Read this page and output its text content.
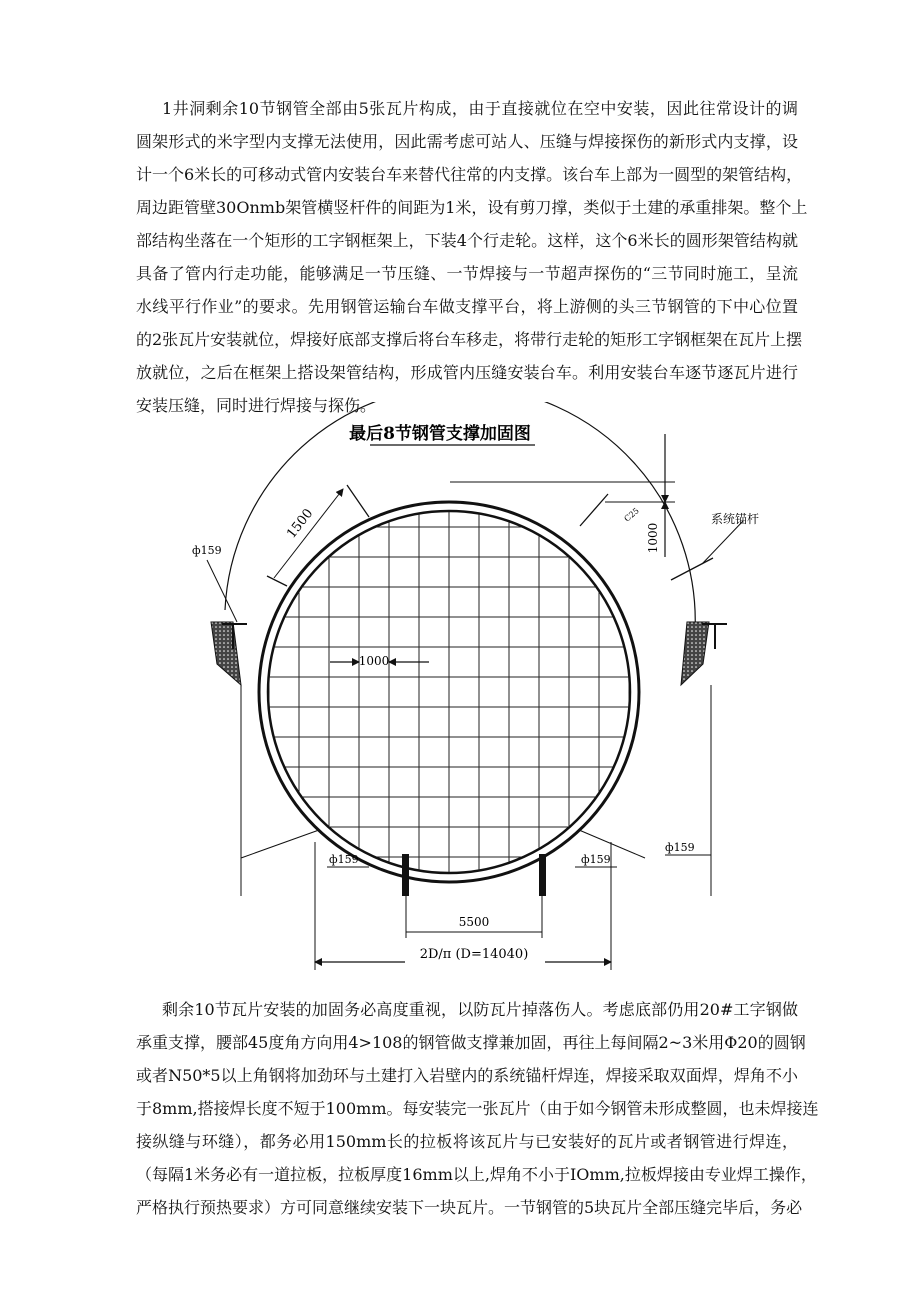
1井洞剩余10节钢管全部由5张瓦片构成，由于直接就位在空中安装，因此往常设计的调
圆架形式的米字型内支撑无法使用，因此需考虑可站人、压缝与焊接探伤的新形式内支撑，设
计一个6米长的可移动式管内安装台车来替代往常的内支撑。该台车上部为一圆型的架管结构，
周边距管壁30Onmb架管横竖杆件的间距为1米，设有剪刀撑，类似于土建的承重排架。整个上
部结构坐落在一个矩形的工字钢框架上，下装4个行走轮。这样，这个6米长的圆形架管结构就
具备了管内行走功能，能够满足一节压缝、一节焊接与一节超声探伤的“三节同时施工，呈流
水线平行作业”的要求。先用钢管运输台车做支撑平台，将上游侧的头三节钢管的下中心位置
的2张瓦片安装就位，焊接好底部支撑后将台车移走，将带行走轮的矩形工字钢框架在瓦片上摆
放就位，之后在框架上搭设架管结构，形成管内压缝安装台车。利用安装台车逐节逐瓦片进行
安装压缝，同时进行焊接与探伤。
最后8节钢管支撑加固图
1500	1000
C25	系统锚杆
ф159
1000
ф159	ф159
ф159
5500
2D/π (D=14040)
剩余10节瓦片安装的加固务必高度重视，以防瓦片掉落伤人。考虑底部仍用20#工字钢做
承重支撑，腰部45度角方向用4>108的钢管做支撑兼加固，再往上每间隔2~3米用Φ20的圆钢
或者N50*5以上角钢将加劲环与土建打入岩壁内的系统锚杆焊连，焊接采取双面焊，焊角不小
于8mm,搭接焊长度不短于100mm。每安装完一张瓦片（由于如今钢管未形成整圆，也未焊接连
接纵缝与环缝），都务必用150mm长的拉板将该瓦片与已安装好的瓦片或者钢管进行焊连，
（每隔1米务必有一道拉板，拉板厚度16mm以上,焊角不小于IOmm,拉板焊接由专业焊工操作，
严格执行预热要求）方可同意继续安装下一块瓦片。一节钢管的5块瓦片全部压缝完毕后，务必
